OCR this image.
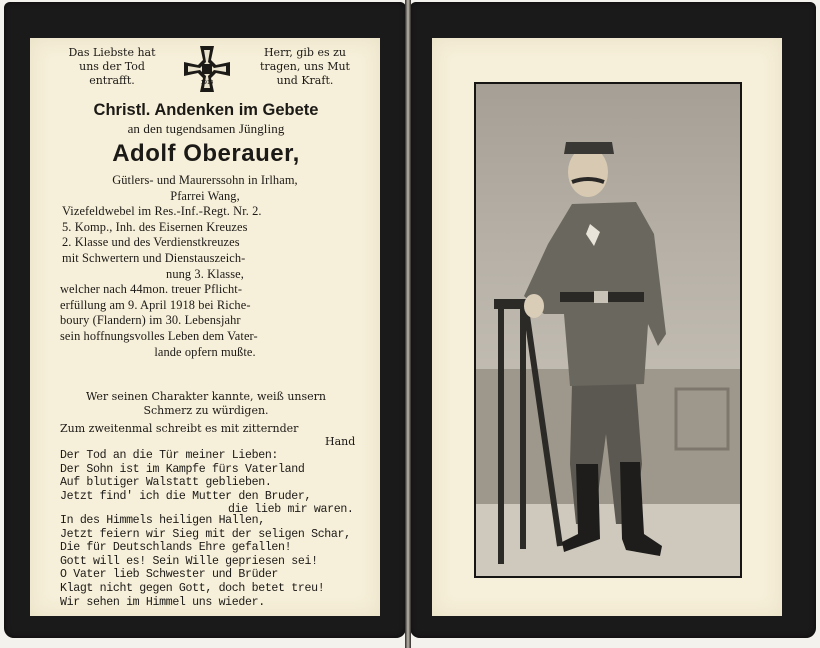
Das Liebste hat
uns der Tod
entrafft.
Herr, gib es zu
tragen, uns Mut
und Kraft.
1914
Christl. Andenken im Gebete
an den tugendsamen Jüngling
Adolf Oberauer,
Gütlers- und Maurerssohn in Irlham,
Pfarrei Wang,
Vizefeldwebel im Res.-Inf.-Regt. Nr. 2.
5. Komp., Inh. des Eisernen Kreuzes
2. Klasse und des Verdienstkreuzes
mit Schwertern und Dienstauszeich-
nung 3. Klasse,
welcher nach 44mon. treuer Pflicht-
erfüllung am 9. April 1918 bei Riche-
boury (Flandern) im 30. Lebensjahr
sein hoffnungsvolles Leben dem Vater-
lande opfern mußte.
Wer seinen Charakter kannte, weiß unsern
Schmerz zu würdigen.
Zum zweitenmal schreibt es mit zitternder
Hand
Der Tod an die Tür meiner Lieben:
Der Sohn ist im Kampfe fürs Vaterland
Auf blutiger Walstatt geblieben.
Jetzt find' ich die Mutter den Bruder,
die lieb mir waren.
In des Himmels heiligen Hallen,
Jetzt feiern wir Sieg mit der seligen Schar,
Die für Deutschlands Ehre gefallen!
Gott will es! Sein Wille gepriesen sei!
O Vater lieb Schwester und Brüder
Klagt nicht gegen Gott, doch betet treu!
Wir sehen im Himmel uns wieder.
